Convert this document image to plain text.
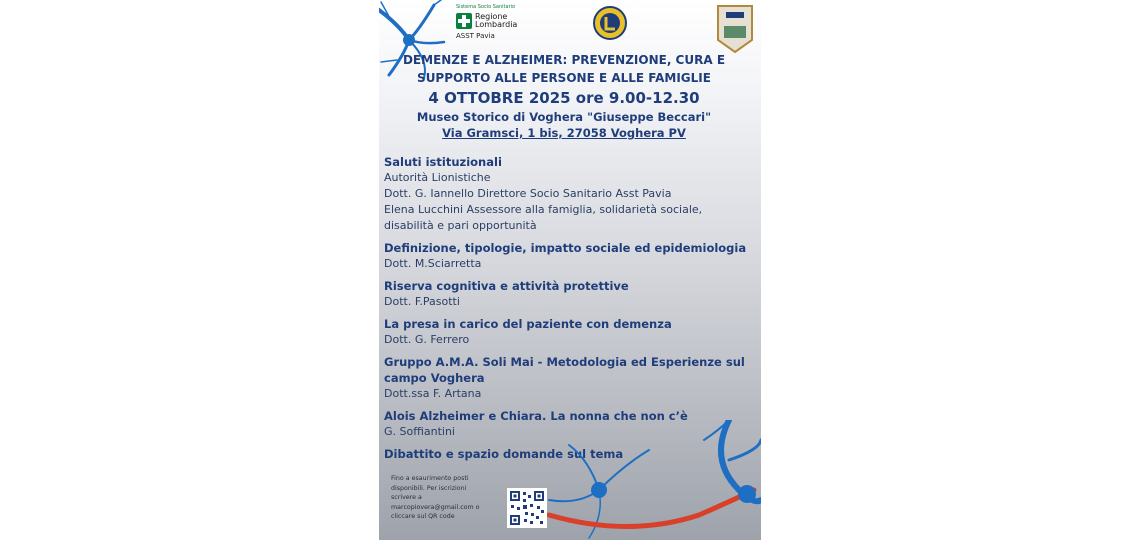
Sistema Socio Sanitario
Regione
Lombardia
ASST Pavia
DEMENZE E ALZHEIMER: PREVENZIONE, CURA E
SUPPORTO ALLE PERSONE E ALLE FAMIGLIE
4 OTTOBRE 2025 ore 9.00-12.30
Museo Storico di Voghera "Giuseppe Beccari"
Via Gramsci, 1 bis, 27058 Voghera PV
Saluti istituzionali
Autorità Lionistiche
Dott. G. Iannello Direttore Socio Sanitario Asst Pavia
Elena Lucchini Assessore alla famiglia, solidarietà sociale, disabilità e pari opportunità
Definizione, tipologie, impatto sociale ed epidemiologia
Dott. M.Sciarretta
Riserva cognitiva e attività protettive
Dott. F.Pasotti
La presa in carico del paziente con demenza
Dott. G. Ferrero
Gruppo A.M.A. Soli Mai - Metodologia ed Esperienze sul campo Voghera
Dott.ssa F. Artana
Alois Alzheimer e Chiara. La nonna che non c’è
G. Soffiantini
Dibattito e spazio domande sul tema
Fino a esaurimento posti disponibili. Per iscrizioni scrivere a marcopiovera@gmail.com o cliccare sul QR code
